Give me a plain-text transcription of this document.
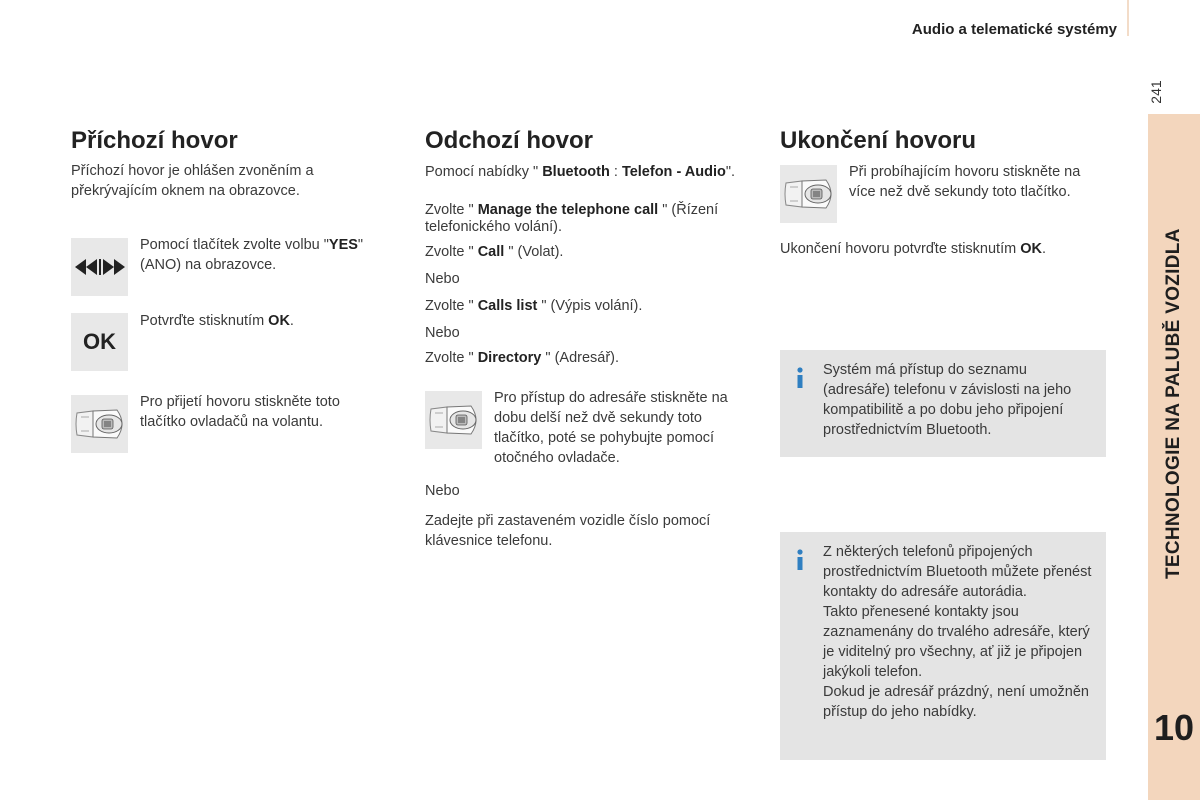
Audio a telematické systémy
241
TECHNOLOGIE NA PALUBĚ VOZIDLA
10
Příchozí hovor

Příchozí hovor je ohlášen zvoněním a překrývajícím oknem na obrazovce.

Pomocí tlačítek zvolte volbu "YES" (ANO) na obrazovce.

OK

Potvrďte stisknutím OK.

Pro přijetí hovoru stiskněte toto tlačítko ovladačů na volantu.

Odchozí hovor

Pomocí nabídky " Bluetooth : Telefon - Audio".

Zvolte " Manage the telephone call " (Řízení telefonického volání).

Zvolte " Call " (Volat).

Nebo

Zvolte " Calls list " (Výpis volání).

Nebo

Zvolte " Directory " (Adresář).

Pro přístup do adresáře stiskněte na dobu delší než dvě sekundy toto tlačítko, poté se pohybujte pomocí otočného ovladače.

Nebo

Zadejte při zastaveném vozidle číslo pomocí klávesnice telefonu.

Ukončení hovoru

Při probíhajícím hovoru stiskněte na více než dvě sekundy toto tlačítko.

Ukončení hovoru potvrďte stisknutím OK.

Systém má přístup do seznamu (adresáře) telefonu v závislosti na jeho kompatibilitě a po dobu jeho připojení prostřednictvím Bluetooth.

Z některých telefonů připojených prostřednictvím Bluetooth můžete přenést kontakty do adresáře autorádia.

Takto přenesené kontakty jsou zaznamenány do trvalého adresáře, který je viditelný pro všechny, ať již je připojen jakýkoli telefon.

Dokud je adresář prázdný, není umožněn přístup do jeho nabídky.
